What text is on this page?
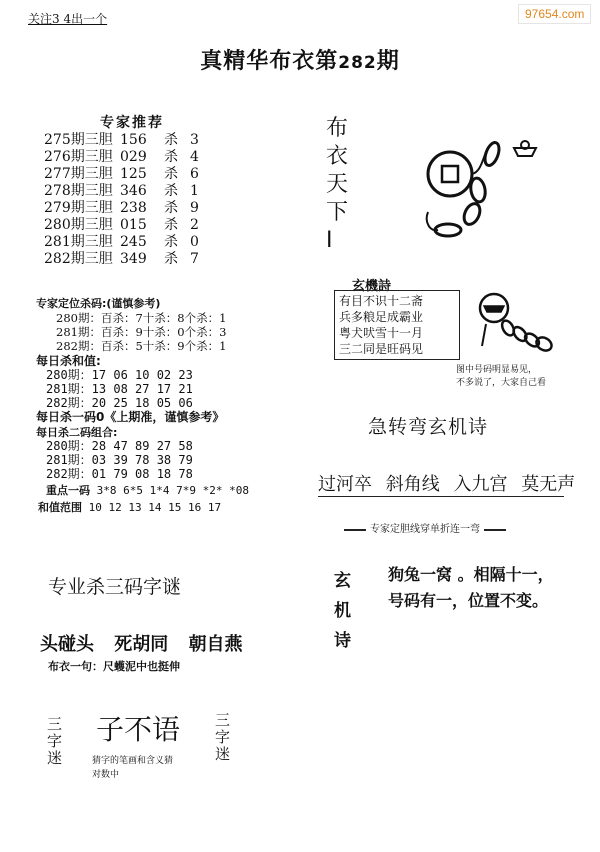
关注3 4出一个	97654.com
真精华布衣第282期
专家推荐
275期三胆 156 杀 3
276期三胆 029 杀 4
277期三胆 125 杀 6
278期三胆 346 杀 1
279期三胆 238 杀 9
280期三胆 015 杀 2
281期三胆 245 杀 0
282期三胆 349 杀 7
专家定位杀码:(谨慎参考)
280期：百杀：7十杀：8个杀：1
281期：百杀：9十杀：0个杀：3
282期：百杀：5十杀：9个杀：1
每日杀和值:
280期：17 06 10 02 23
281期：13 08 27 17 21
282期：20 25 18 05 06
每日杀一码0《上期准，谨慎参考》
每日杀二码组合:
280期：28 47 89 27 58
281期：03 39 78 38 79
282期：01 79 08 18 78
重点一码 3*8 6*5 1*4 7*9 *2* *08
和值范围 10 12 13 14 15 16 17
专业杀三码字谜
头碰头 死胡同 朝自燕
布衣一句：尺蠖泥中也挺伸
三字迷 子不语 三字迷
猜字的笔画和含义猜
对数中
布
衣
天
下
I
玄機詩
有目不识十二斋
兵多粮足成霸业
粤犬吠雪十一月
三二同是旺码见
图中号码明显易见，
不多说了，大家自己看
急转弯玄机诗
过河卒 斜角线 入九宫 莫无声
专家定胆线穿单折连一弯
玄
机
诗
狗兔一窝 。相隔十一，
号码有一，位置不变。
